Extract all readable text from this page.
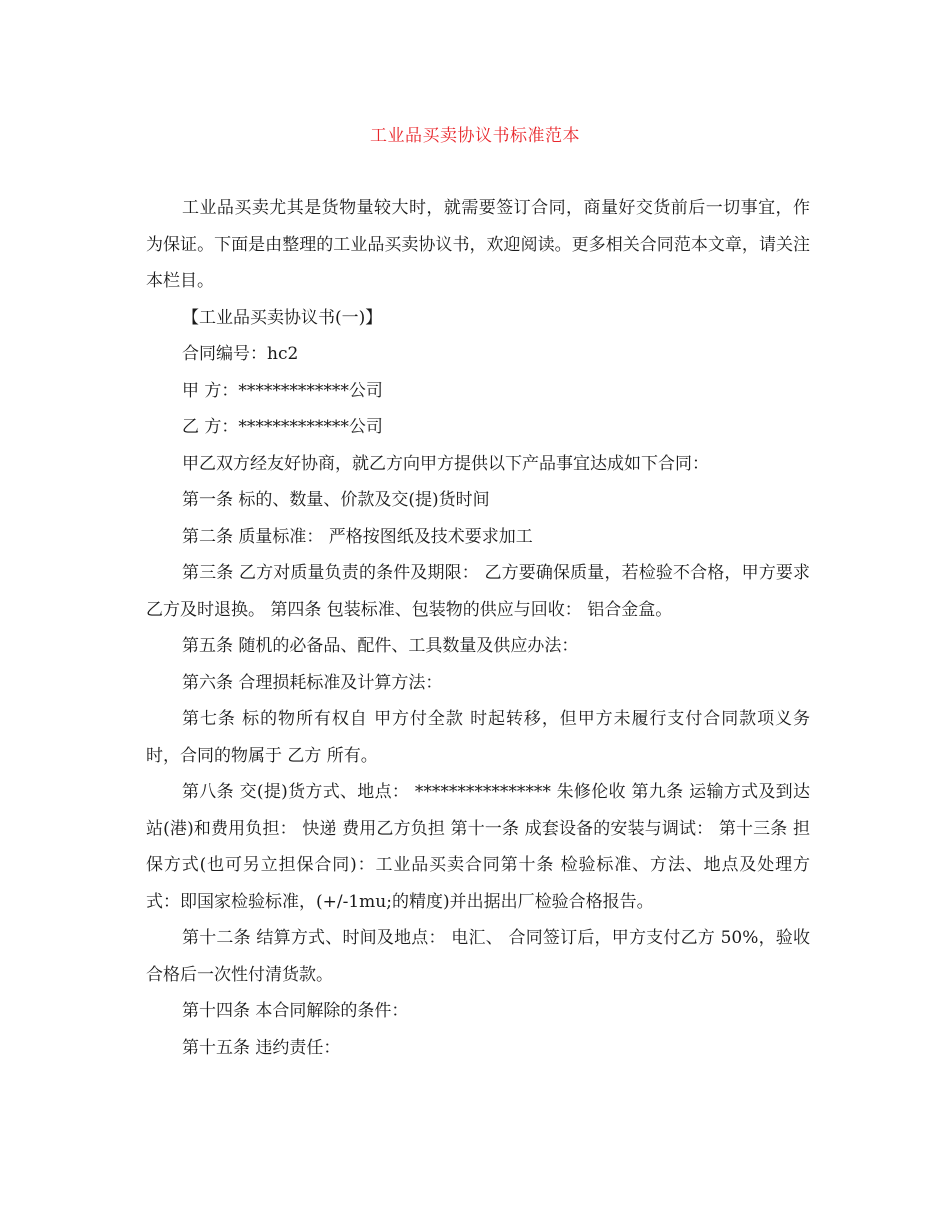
工业品买卖协议书标准范本

工业品买卖尤其是货物量较大时，就需要签订合同，商量好交货前后一切事宜，作为保证。下面是由整理的工业品买卖协议书，欢迎阅读。更多相关合同范本文章，请关注本栏目。

【工业品买卖协议书(一)】

合同编号：hc2

甲 方：*************公司

乙 方：*************公司

甲乙双方经友好协商，就乙方向甲方提供以下产品事宜达成如下合同：

第一条 标的、数量、价款及交(提)货时间

第二条 质量标准： 严格按图纸及技术要求加工

第三条 乙方对质量负责的条件及期限： 乙方要确保质量，若检验不合格，甲方要求乙方及时退换。 第四条 包装标准、包装物的供应与回收： 铝合金盒。

第五条 随机的必备品、配件、工具数量及供应办法：

第六条 合理损耗标准及计算方法：

第七条 标的物所有权自 甲方付全款 时起转移，但甲方未履行支付合同款项义务时，合同的物属于 乙方 所有。

第八条 交(提)货方式、地点： **************** 朱修伦收 第九条 运输方式及到达站(港)和费用负担： 快递 费用乙方负担 第十一条 成套设备的安装与调试： 第十三条 担保方式(也可另立担保合同)：工业品买卖合同第十条 检验标准、方法、地点及处理方式：即国家检验标准，(+/-1mu;的精度)并出据出厂检验合格报告。

第十二条 结算方式、时间及地点： 电汇、 合同签订后，甲方支付乙方 50%，验收合格后一次性付清货款。

第十四条 本合同解除的条件：

第十五条 违约责任：
